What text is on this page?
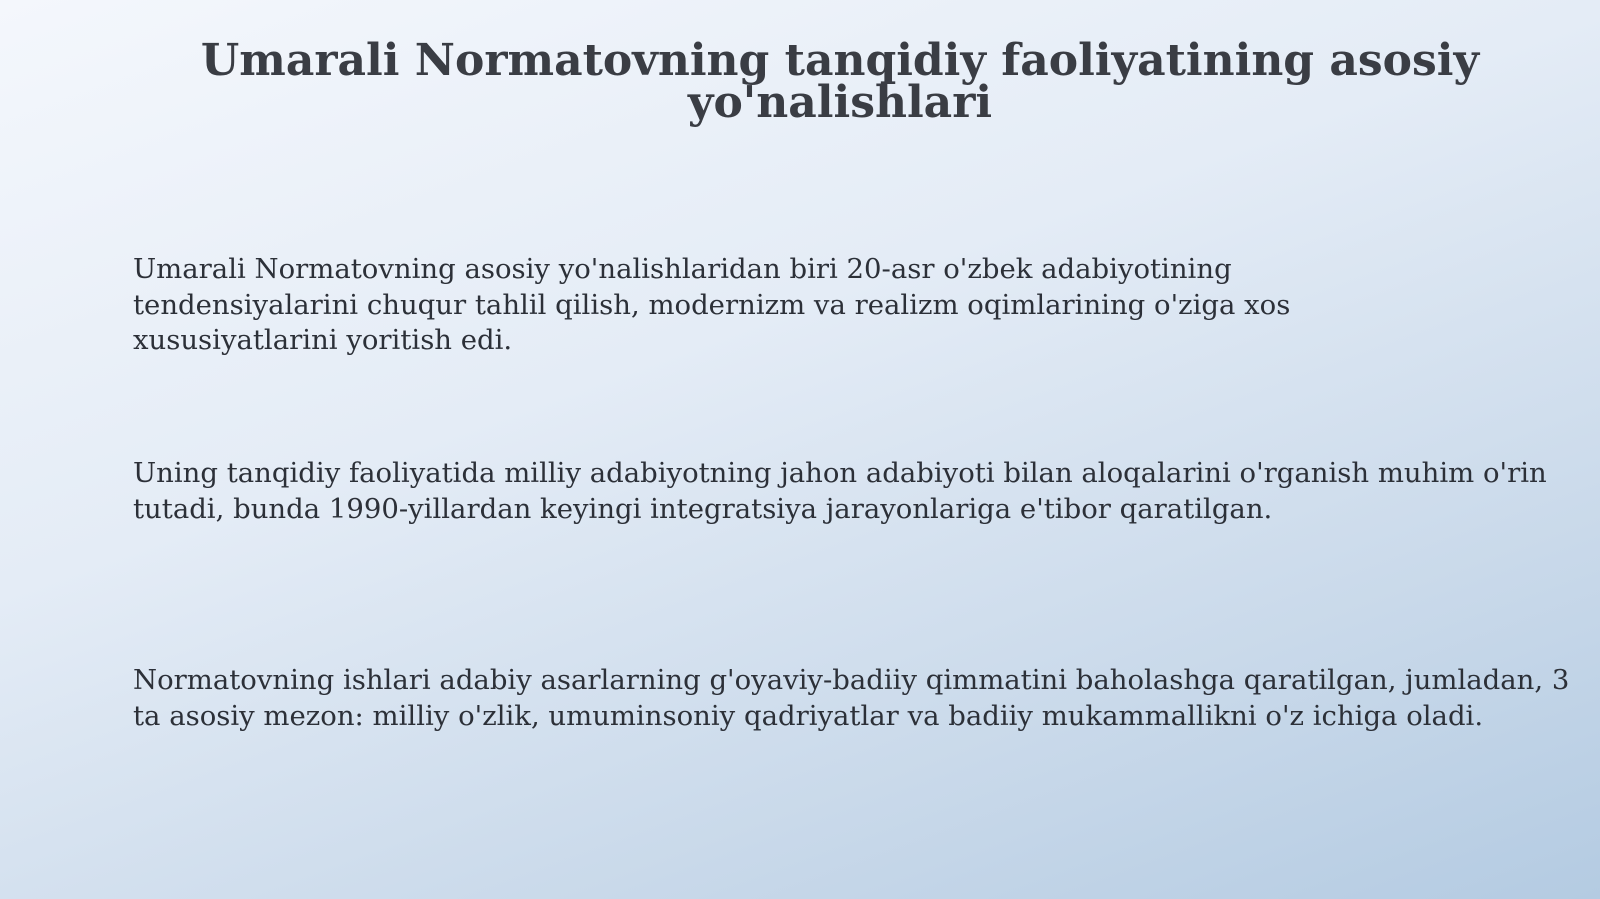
Umarali Normatovning tanqidiy faoliyatining asosiy yo'nalishlari

Umarali Normatovning asosiy yo'nalishlaridan biri 20-asr o'zbek adabiyotining tendensiyalarini chuqur tahlil qilish, modernizm va realizm oqimlarining o'ziga xos xususiyatlarini yoritish edi.

Uning tanqidiy faoliyatida milliy adabiyotning jahon adabiyoti bilan aloqalarini o'rganish muhim o'rin tutadi, bunda 1990-yillardan keyingi integratsiya jarayonlariga e'tibor qaratilgan.

Normatovning ishlari adabiy asarlarning g'oyaviy-badiiy qimmatini baholashga qaratilgan, jumladan, 3 ta asosiy mezon: milliy o'zlik, umuminsoniy qadriyatlar va badiiy mukammallikni o'z ichiga oladi.
